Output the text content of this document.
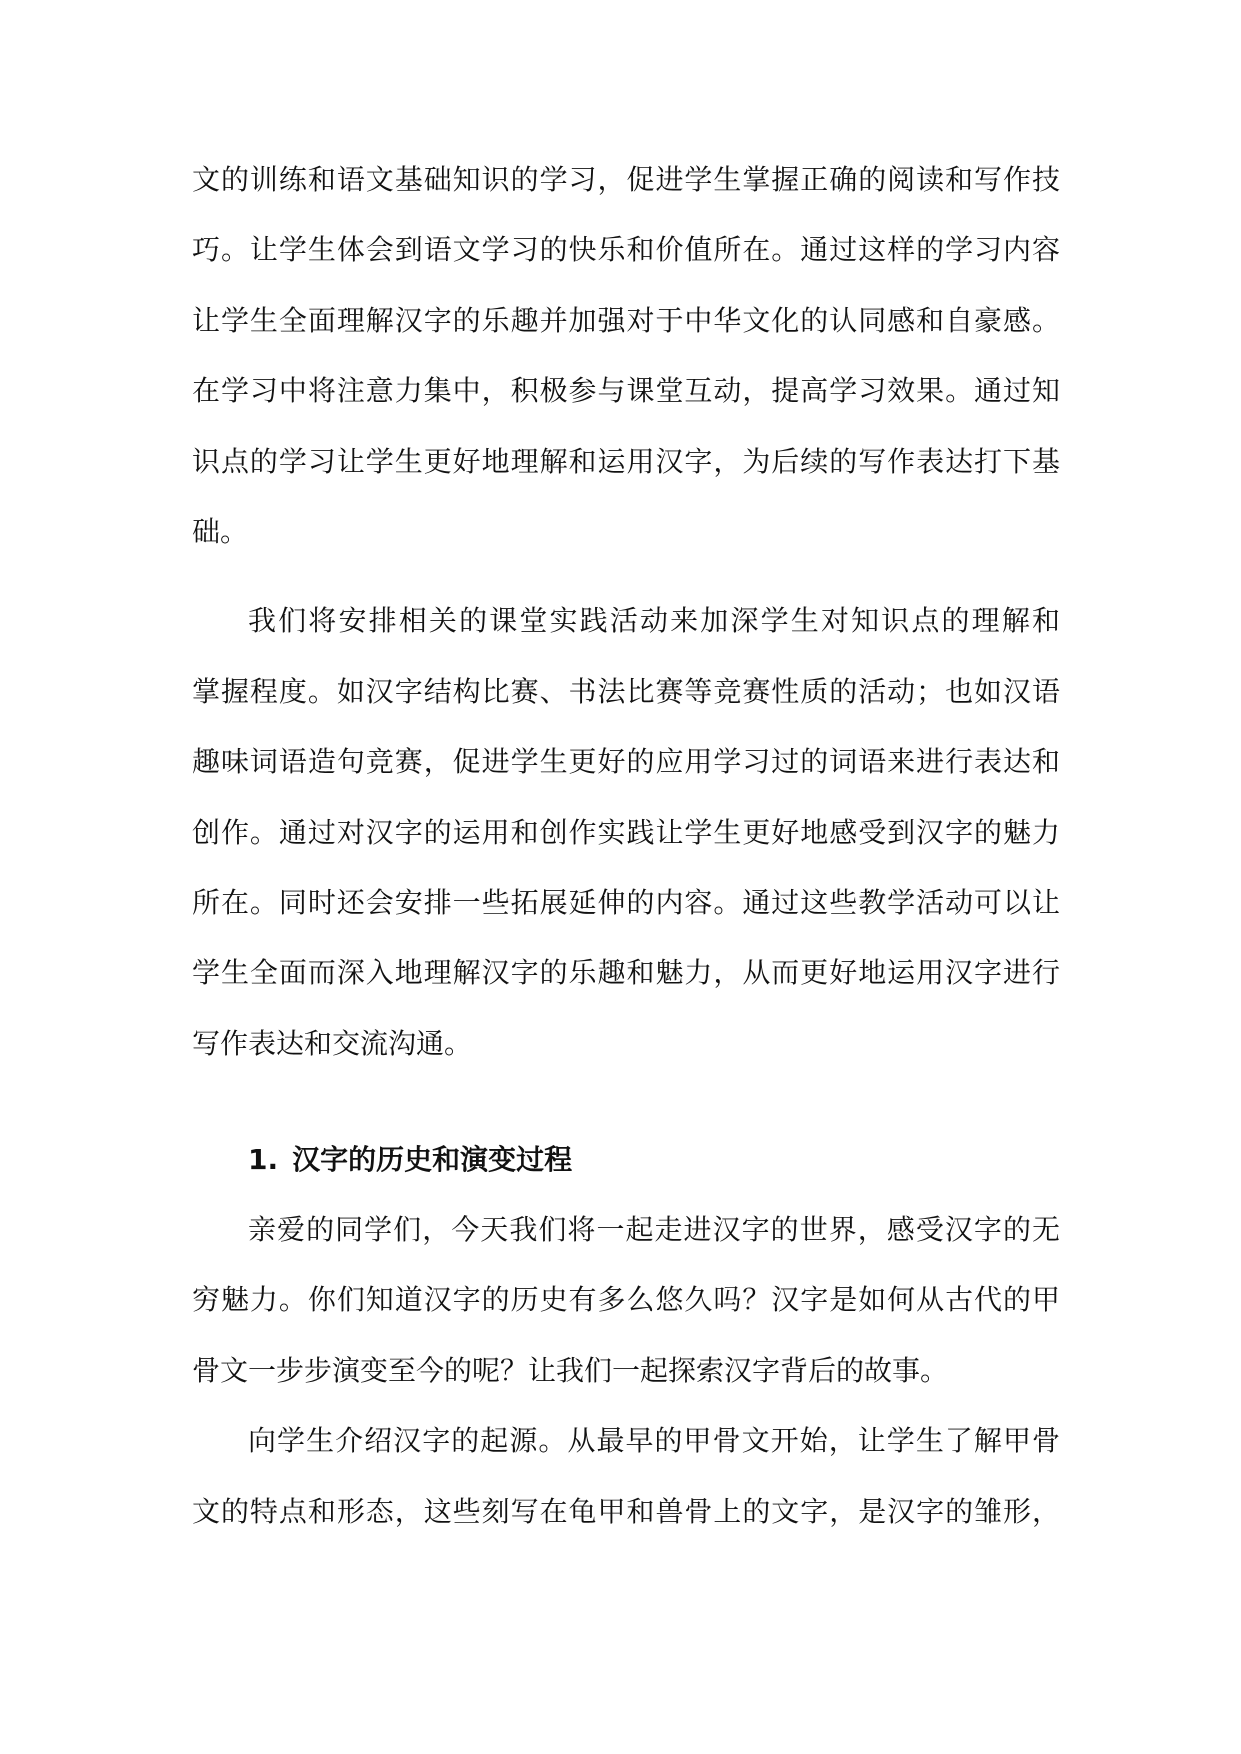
文的训练和语文基础知识的学习，促进学生掌握正确的阅读和写作技
巧。让学生体会到语文学习的快乐和价值所在。通过这样的学习内容
让学生全面理解汉字的乐趣并加强对于中华文化的认同感和自豪感。
在学习中将注意力集中，积极参与课堂互动，提高学习效果。通过知
识点的学习让学生更好地理解和运用汉字，为后续的写作表达打下基
础。
我们将安排相关的课堂实践活动来加深学生对知识点的理解和
掌握程度。如汉字结构比赛、书法比赛等竞赛性质的活动；也如汉语
趣味词语造句竞赛，促进学生更好的应用学习过的词语来进行表达和
创作。通过对汉字的运用和创作实践让学生更好地感受到汉字的魅力
所在。同时还会安排一些拓展延伸的内容。通过这些教学活动可以让
学生全面而深入地理解汉字的乐趣和魅力，从而更好地运用汉字进行
写作表达和交流沟通。
1. 汉字的历史和演变过程
亲爱的同学们，今天我们将一起走进汉字的世界，感受汉字的无
穷魅力。你们知道汉字的历史有多么悠久吗？汉字是如何从古代的甲
骨文一步步演变至今的呢？让我们一起探索汉字背后的故事。
向学生介绍汉字的起源。从最早的甲骨文开始，让学生了解甲骨
文的特点和形态，这些刻写在龟甲和兽骨上的文字，是汉字的雏形，
